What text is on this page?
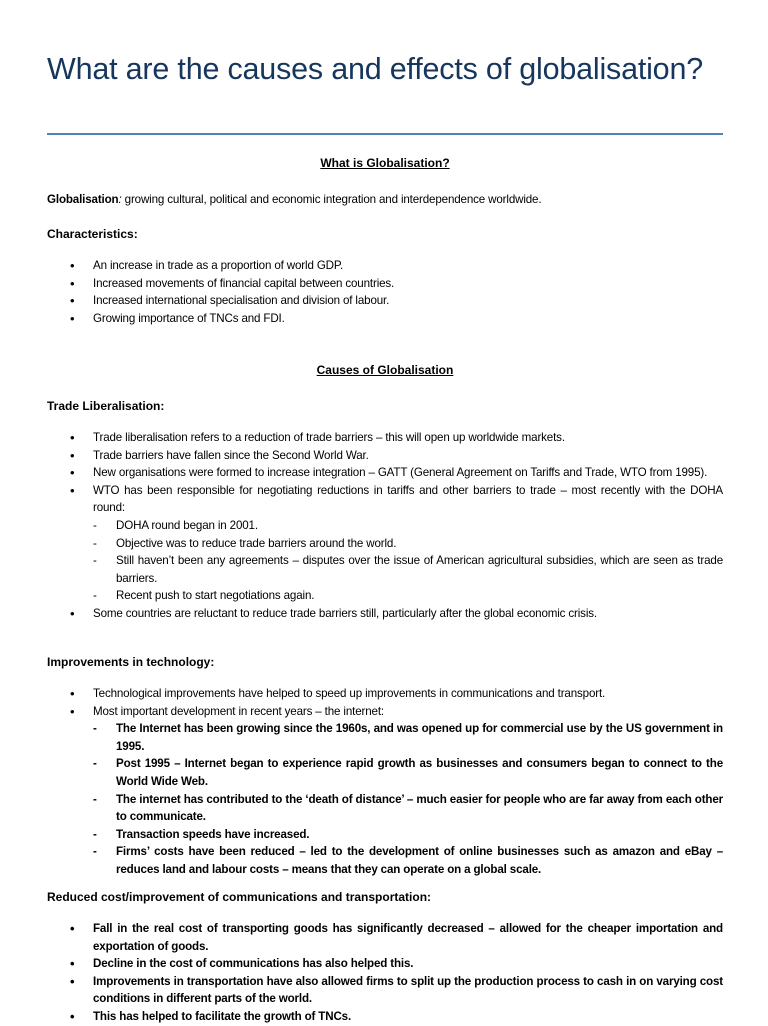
What are the causes and effects of globalisation?
What is Globalisation?
Globalisation: growing cultural, political and economic integration and interdependence worldwide.
Characteristics:
• An increase in trade as a proportion of world GDP.
• Increased movements of financial capital between countries.
• Increased international specialisation and division of labour.
• Growing importance of TNCs and FDI.
Causes of Globalisation
Trade Liberalisation:
• Trade liberalisation refers to a reduction of trade barriers – this will open up worldwide markets.
• Trade barriers have fallen since the Second World War.
• New organisations were formed to increase integration – GATT (General Agreement on Tariffs and Trade, WTO from 1995).
• WTO has been responsible for negotiating reductions in tariffs and other barriers to trade – most recently with the DOHA round:
- DOHA round began in 2001.
- Objective was to reduce trade barriers around the world.
- Still haven’t been any agreements – disputes over the issue of American agricultural subsidies, which are seen as trade barriers.
- Recent push to start negotiations again.
• Some countries are reluctant to reduce trade barriers still, particularly after the global economic crisis.
Improvements in technology:
• Technological improvements have helped to speed up improvements in communications and transport.
• Most important development in recent years – the internet:
- The Internet has been growing since the 1960s, and was opened up for commercial use by the US government in 1995.
- Post 1995 – Internet began to experience rapid growth as businesses and consumers began to connect to the World Wide Web.
- The internet has contributed to the ‘death of distance’ – much easier for people who are far away from each other to communicate.
- Transaction speeds have increased.
- Firms’ costs have been reduced – led to the development of online businesses such as amazon and eBay – reduces land and labour costs – means that they can operate on a global scale.
Reduced cost/improvement of communications and transportation:
• Fall in the real cost of transporting goods has significantly decreased – allowed for the cheaper importation and exportation of goods.
• Decline in the cost of communications has also helped this.
• Improvements in transportation have also allowed firms to split up the production process to cash in on varying cost conditions in different parts of the world.
• This has helped to facilitate the growth of TNCs.
